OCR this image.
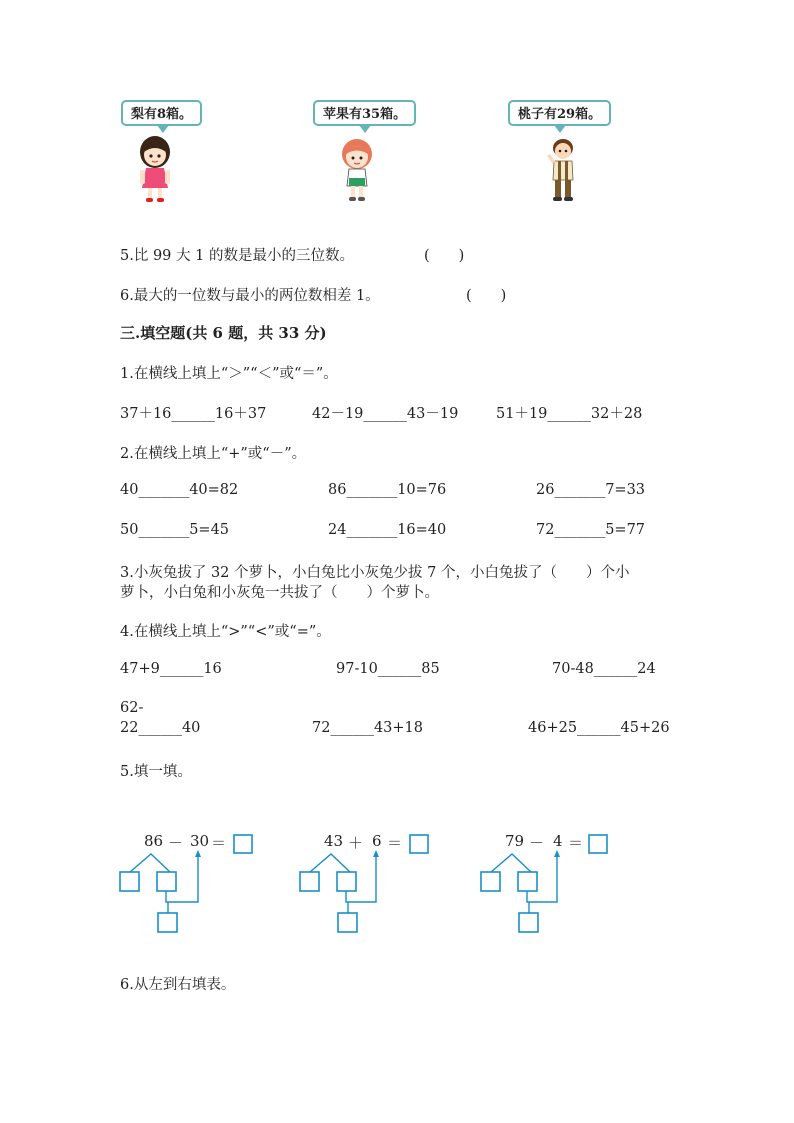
梨有8箱。	苹果有35箱。	桃子有29箱。
5.比 99 大 1 的数是最小的三位数。	(　　)
6.最大的一位数与最小的两位数相差 1。	(　　)
三.填空题(共 6 题，共 33 分)
1.在横线上填上“＞”“＜”或“＝”。
37＋16______16＋37	42－19______43－19	51＋19______32＋28
2.在横线上填上“+”或“－”。
40_______40=82	86_______10=76	26_______7=33
50_______5=45	24_______16=40	72_______5=77
3.小灰兔拔了 32 个萝卜，小白兔比小灰兔少拔 7 个，小白兔拔了（　　）个小
萝卜，小白兔和小灰兔一共拔了（　　）个萝卜。
4.在横线上填上“>”“<”或“=”。
47+9______16	97-10______85	70-48______24
62-
22______40	72______43+18	46+25______45+26
5.填一填。
86 － 30 ＝	43 ＋ 6 ＝	79 － 4 ＝
6.从左到右填表。
